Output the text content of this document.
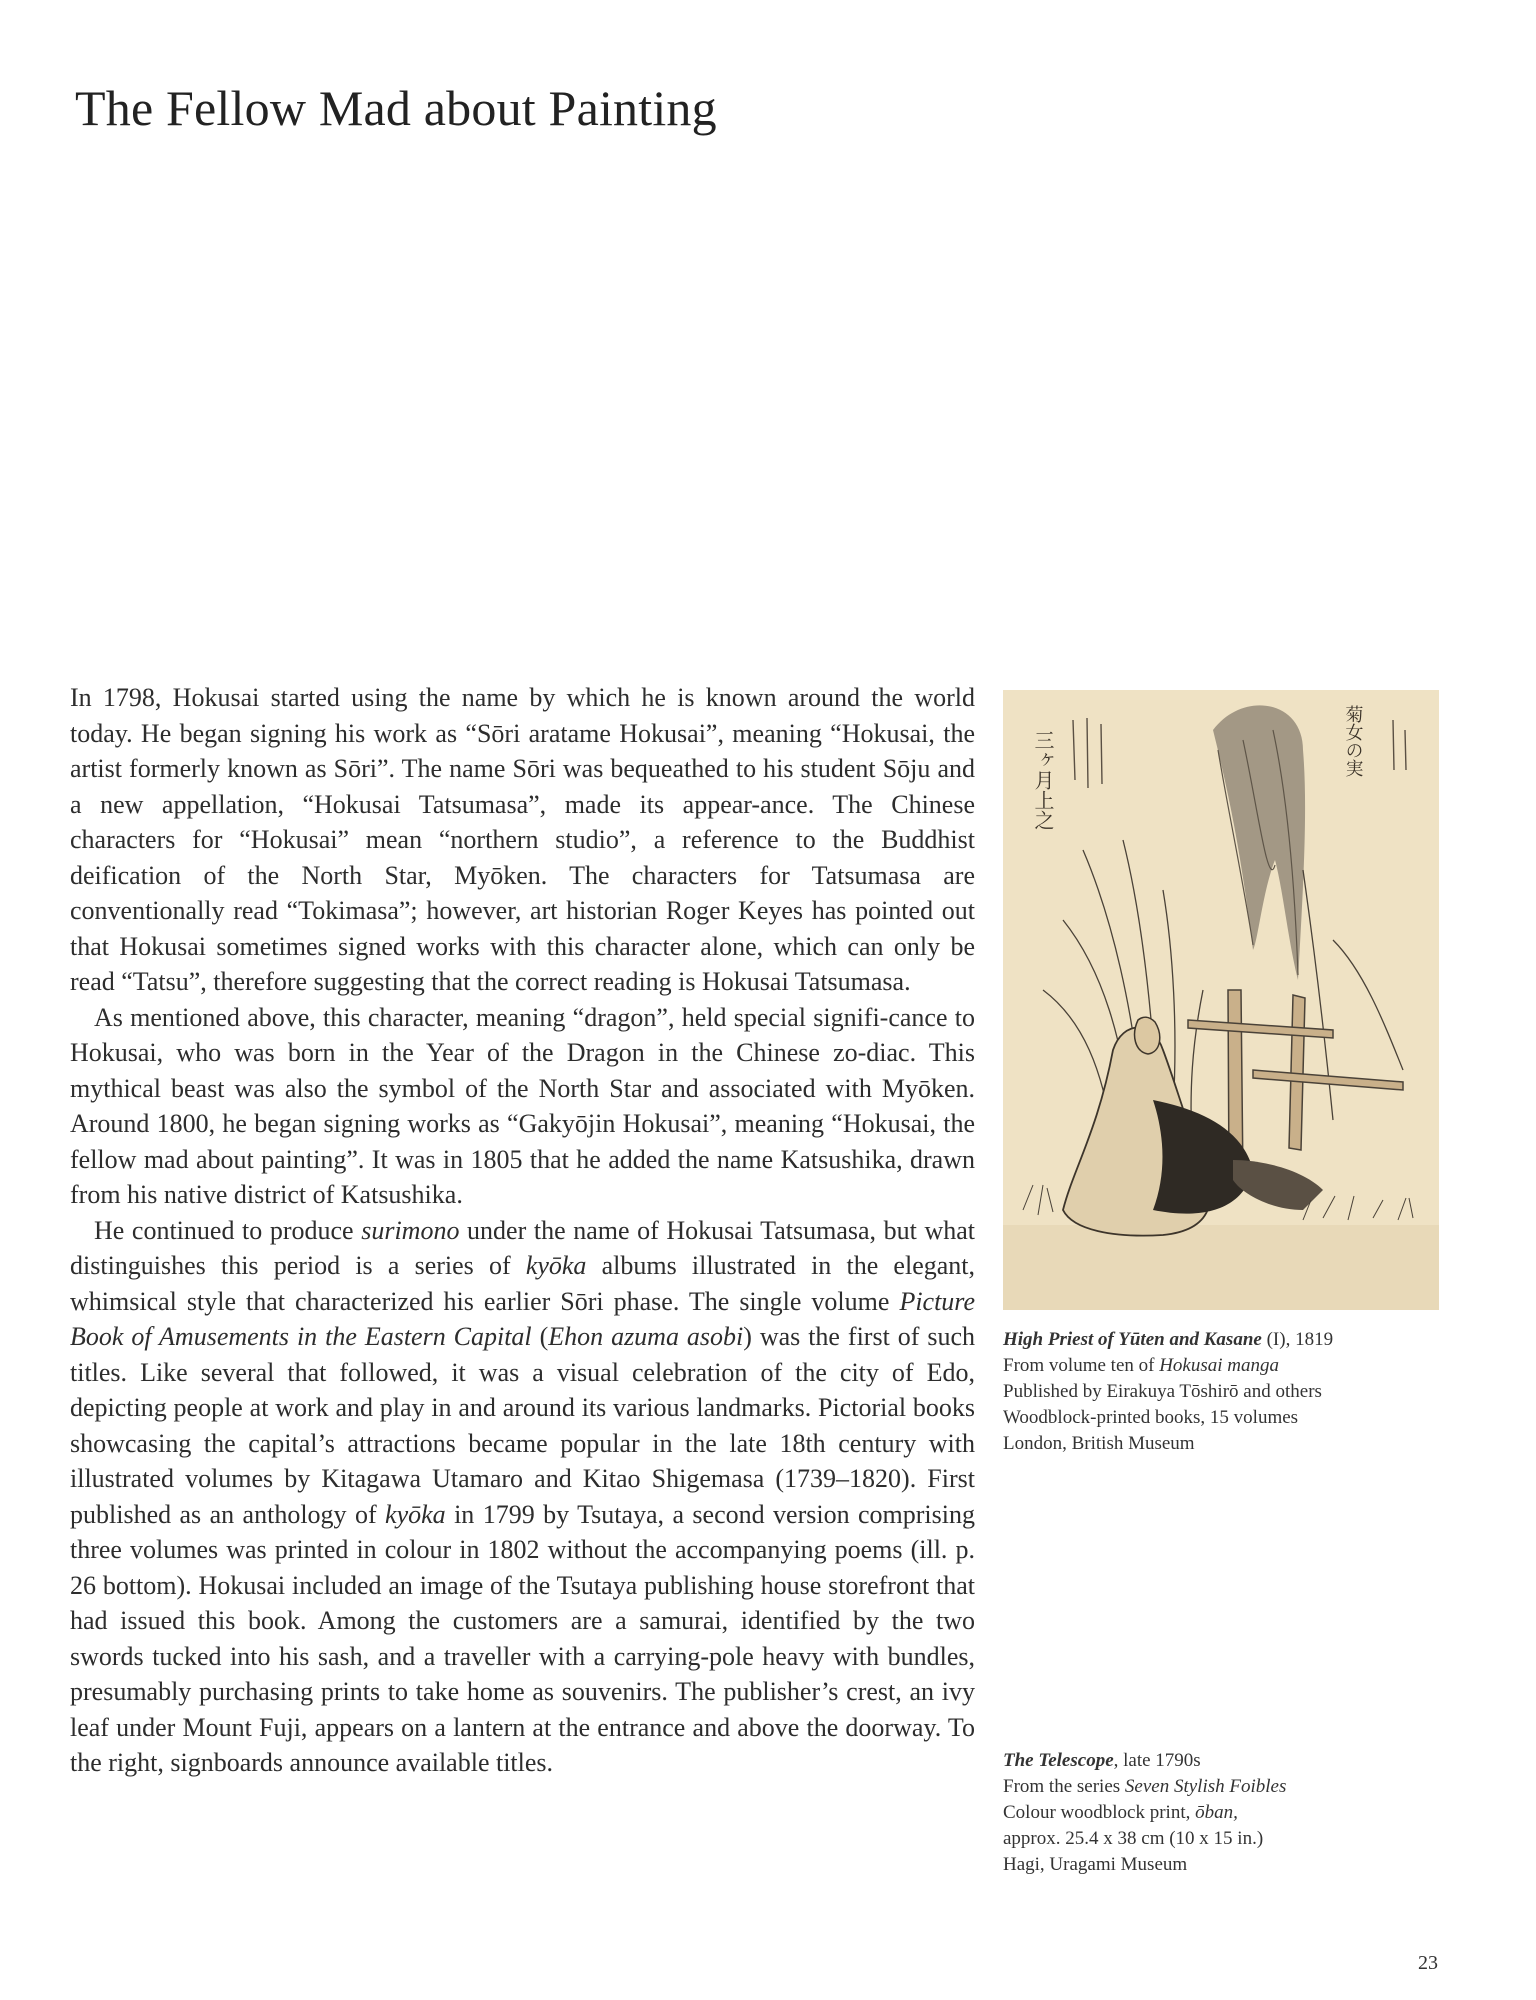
The Fellow Mad about Painting

In 1798, Hokusai started using the name by which he is known around the world today. He began signing his work as “Sōri aratame Hokusai”, meaning “Hokusai, the artist formerly known as Sōri”. The name Sōri was bequeathed to his student Sōju and a new appellation, “Hokusai Tatsumasa”, made its appear-ance. The Chinese characters for “Hokusai” mean “northern studio”, a reference to the Buddhist deification of the North Star, Myōken. The characters for Tatsumasa are conventionally read “Tokimasa”; however, art historian Roger Keyes has pointed out that Hokusai sometimes signed works with this character alone, which can only be read “Tatsu”, therefore suggesting that the correct reading is Hokusai Tatsumasa.

As mentioned above, this character, meaning “dragon”, held special signifi-cance to Hokusai, who was born in the Year of the Dragon in the Chinese zo-diac. This mythical beast was also the symbol of the North Star and associated with Myōken. Around 1800, he began signing works as “Gakyōjin Hokusai”, meaning “Hokusai, the fellow mad about painting”. It was in 1805 that he added the name Katsushika, drawn from his native district of Katsushika.

He continued to produce surimono under the name of Hokusai Tatsumasa, but what distinguishes this period is a series of kyōka albums illustrated in the elegant, whimsical style that characterized his earlier Sōri phase. The single volume Picture Book of Amusements in the Eastern Capital (Ehon azuma asobi) was the first of such titles. Like several that followed, it was a visual celebration of the city of Edo, depicting people at work and play in and around its various landmarks. Pictorial books showcasing the capital’s attractions became popular in the late 18th century with illustrated volumes by Kitagawa Utamaro and Kitao Shigemasa (1739–1820). First published as an anthology of kyōka in 1799 by Tsutaya, a second version comprising three volumes was printed in colour in 1802 without the accompanying poems (ill. p. 26 bottom). Hokusai included an image of the Tsutaya publishing house storefront that had issued this book. Among the customers are a samurai, identified by the two swords tucked into his sash, and a traveller with a carrying-pole heavy with bundles, presumably purchasing prints to take home as souvenirs. The publisher’s crest, an ivy leaf under Mount Fuji, appears on a lantern at the entrance and above the doorway. To the right, signboards announce available titles.

三ヶ月上之	菊女の実
High Priest of Yūten and Kasane (I), 1819
From volume ten of Hokusai manga
Published by Eirakuya Tōshirō and others
Woodblock-printed books, 15 volumes
London, British Museum
The Telescope, late 1790s
From the series Seven Stylish Foibles
Colour woodblock print, ōban,
approx. 25.4 x 38 cm (10 x 15 in.)
Hagi, Uragami Museum
23
